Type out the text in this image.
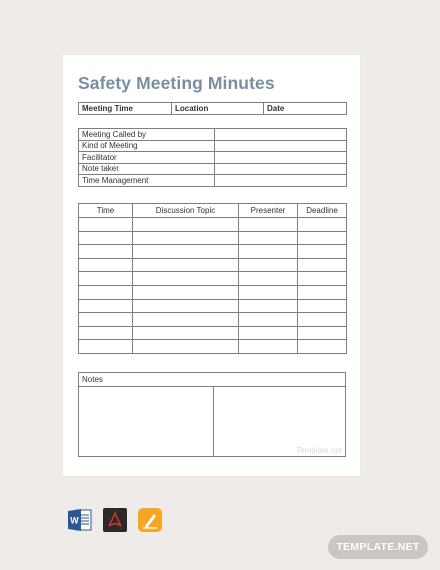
Safety Meeting Minutes
Meeting Time	Location	Date
Meeting Called by	
Kind of Meeting	
Facilitator	
Note taker	
Time Management	
Time	Discussion Topic	Presenter	Deadline

Notes
Template.net
W
TEMPLATE.NET
